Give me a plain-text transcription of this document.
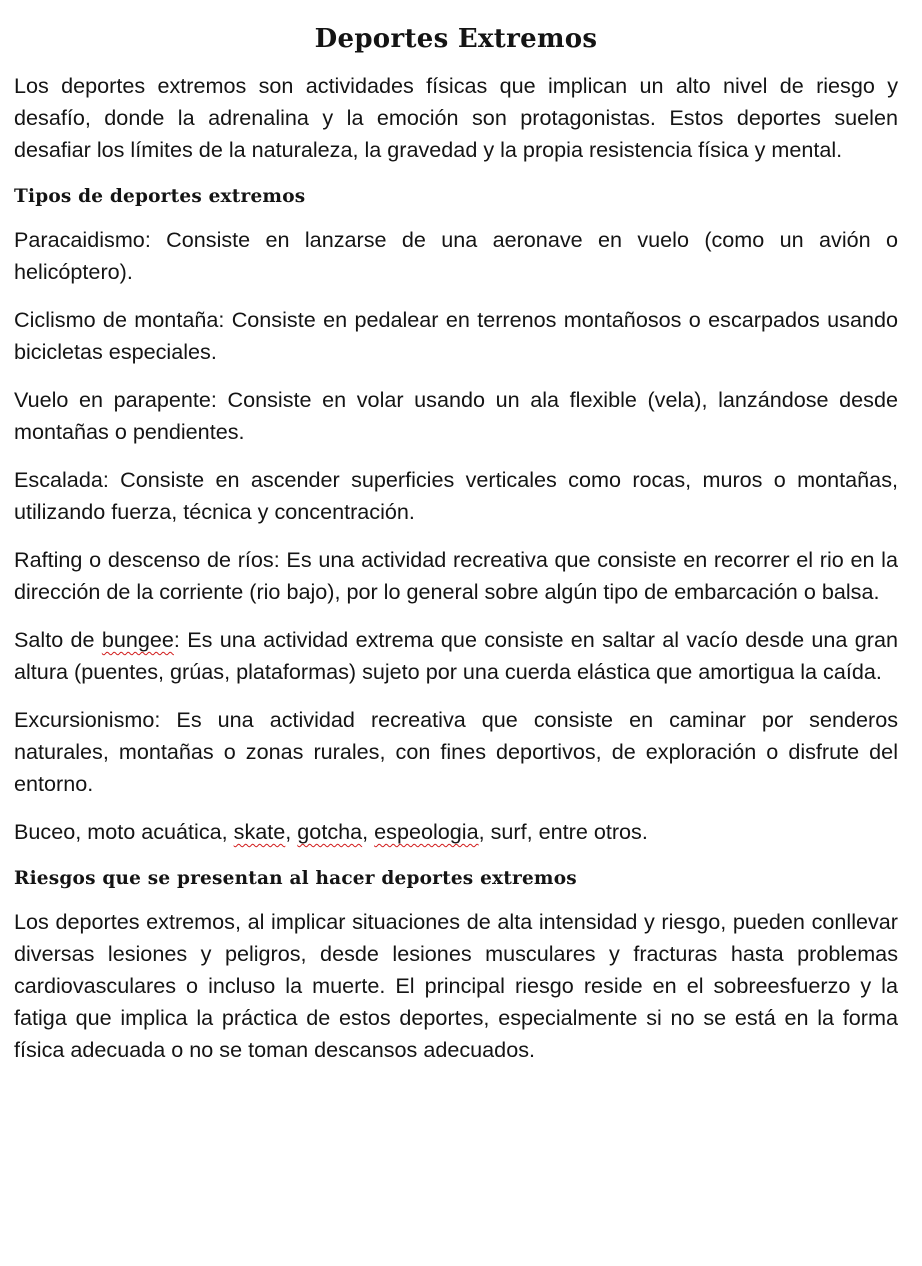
Deportes Extremos

Los deportes extremos son actividades físicas que implican un alto nivel de riesgo y desafío, donde la adrenalina y la emoción son protagonistas. Estos deportes suelen desafiar los límites de la naturaleza, la gravedad y la propia resistencia física y mental.

Tipos de deportes extremos

Paracaidismo: Consiste en lanzarse de una aeronave en vuelo (como un avión o helicóptero).

Ciclismo de montaña: Consiste en pedalear en terrenos montañosos o escarpados usando bicicletas especiales.

Vuelo en parapente: Consiste en volar usando un ala flexible (vela), lanzándose desde montañas o pendientes.

Escalada: Consiste en ascender superficies verticales como rocas, muros o montañas, utilizando fuerza, técnica y concentración.

Rafting o descenso de ríos: Es una actividad recreativa que consiste en recorrer el rio en la dirección de la corriente (rio bajo), por lo general sobre algún tipo de embarcación o balsa.

Salto de bungee: Es una actividad extrema que consiste en saltar al vacío desde una gran altura (puentes, grúas, plataformas) sujeto por una cuerda elástica que amortigua la caída.

Excursionismo: Es una actividad recreativa que consiste en caminar por senderos naturales, montañas o zonas rurales, con fines deportivos, de exploración o disfrute del entorno.

Buceo, moto acuática, skate, gotcha, espeologia, surf, entre otros.

Riesgos que se presentan al hacer deportes extremos

Los deportes extremos, al implicar situaciones de alta intensidad y riesgo, pueden conllevar diversas lesiones y peligros, desde lesiones musculares y fracturas hasta problemas cardiovasculares o incluso la muerte. El principal riesgo reside en el sobreesfuerzo y la fatiga que implica la práctica de estos deportes, especialmente si no se está en la forma física adecuada o no se toman descansos adecuados.
